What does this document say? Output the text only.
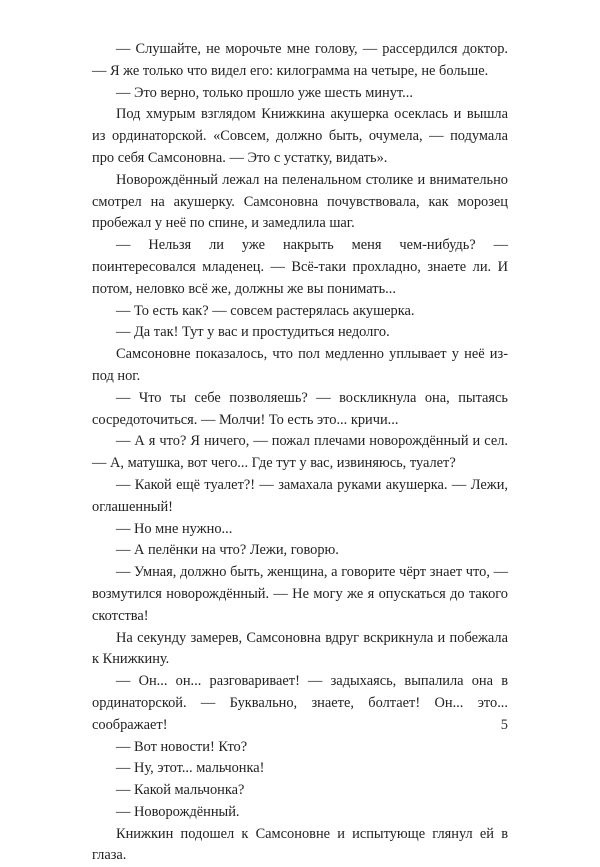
— Слушайте, не морочьте мне голову, — рассердился доктор. — Я же только что видел его: килограмма на четыре, не больше.

— Это верно, только прошло уже шесть минут...

Под хмурым взглядом Книжкина акушерка осеклась и вышла из ординаторской. «Совсем, должно быть, очумела, — подумала про себя Самсоновна. — Это с устатку, видать».

Новорождённый лежал на пеленальном столике и внимательно смотрел на акушерку. Самсоновна почувствовала, как морозец пробежал у неё по спине, и замедлила шаг.

— Нельзя ли уже накрыть меня чем-нибудь? — поинтересовался младенец. — Всё-таки прохладно, знаете ли. И потом, неловко всё же, должны же вы понимать...

— То есть как? — совсем растерялась акушерка.

— Да так! Тут у вас и простудиться недолго.

Самсоновне показалось, что пол медленно уплывает у неё из-под ног.

— Что ты себе позволяешь? — воскликнула она, пытаясь сосредоточиться. — Молчи! То есть это... кричи...

— А я что? Я ничего, — пожал плечами новорождённый и сел. — А, матушка, вот чего... Где тут у вас, извиняюсь, туалет?

— Какой ещё туалет?! — замахала руками акушерка. — Лежи, оглашенный!

— Но мне нужно...

— А пелёнки на что? Лежи, говорю.

— Умная, должно быть, женщина, а говорите чёрт знает что, — возмутился новорождённый. — Не могу же я опускаться до такого скотства!

На секунду замерев, Самсоновна вдруг вскрикнула и побежала к Книжкину.

— Он... он... разговаривает! — задыхаясь, выпалила она в ординаторской. — Буквально, знаете, болтает! Он... это... соображает!

— Вот новости! Кто?

— Ну, этот... мальчонка!

— Какой мальчонка?

— Новорождённый.

Книжкин подошел к Самсоновне и испытующе глянул ей в глаза.

5
